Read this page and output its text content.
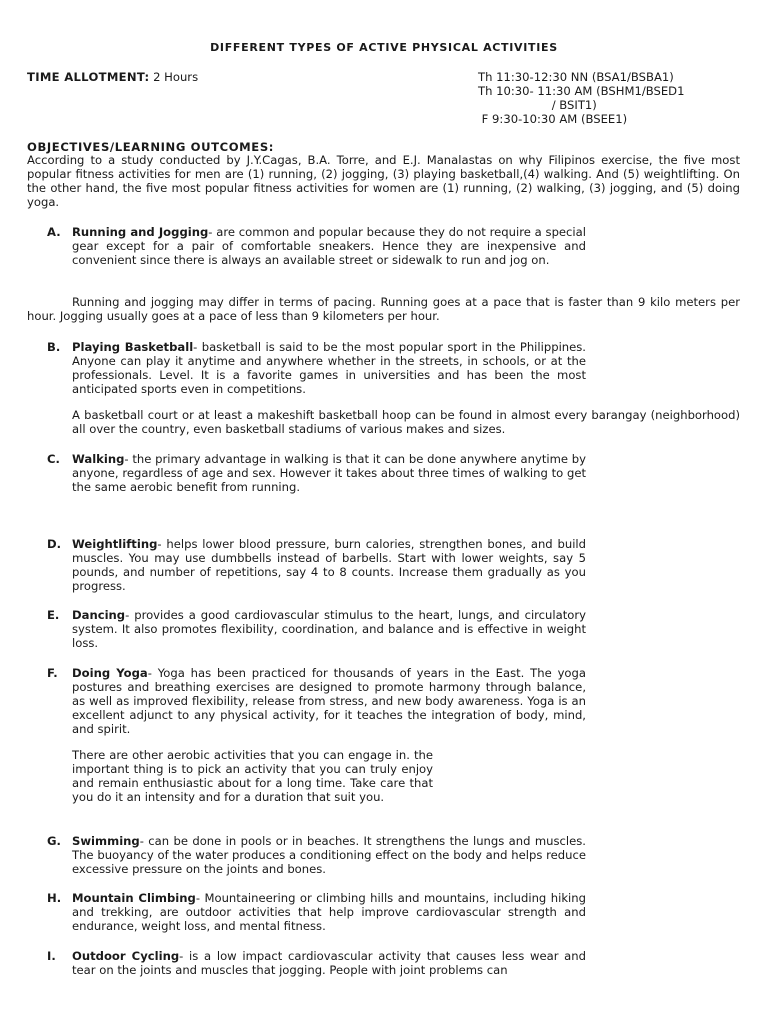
DIFFERENT TYPES OF ACTIVE PHYSICAL ACTIVITIES
TIME ALLOTMENT: 2 Hours	Th 11:30-12:30 NN (BSA1/BSBA1)
Th 10:30- 11:30 AM (BSHM1/BSED1
/ BSIT1)
F 9:30-10:30 AM (BSEE1)
OBJECTIVES/LEARNING OUTCOMES:
According to a study conducted by J.Y.Cagas, B.A. Torre, and E.J. Manalastas on why Filipinos exercise, the five most popular fitness activities for men are (1) running, (2) jogging, (3) playing basketball,(4) walking. And (5) weightlifting. On the other hand, the five most popular fitness activities for women are (1) running, (2) walking, (3) jogging, and (5) doing yoga.
A. Running and Jogging- are common and popular because they do not require a special gear except for a pair of comfortable sneakers. Hence they are inexpensive and convenient since there is always an available street or sidewalk to run and jog on.
Running and jogging may differ in terms of pacing. Running goes at a pace that is faster than 9 kilo meters per hour. Jogging usually goes at a pace of less than 9 kilometers per hour.
B. Playing Basketball- basketball is said to be the most popular sport in the Philippines. Anyone can play it anytime and anywhere whether in the streets, in schools, or at the professionals. Level. It is a favorite games in universities and has been the most anticipated sports even in competitions.
A basketball court or at least a makeshift basketball hoop can be found in almost every barangay (neighborhood) all over the country, even basketball stadiums of various makes and sizes.
C. Walking- the primary advantage in walking is that it can be done anywhere anytime by anyone, regardless of age and sex. However it takes about three times of walking to get the same aerobic benefit from running.
D. Weightlifting- helps lower blood pressure, burn calories, strengthen bones, and build muscles. You may use dumbbells instead of barbells. Start with lower weights, say 5 pounds, and number of repetitions, say 4 to 8 counts. Increase them gradually as you progress.
E. Dancing- provides a good cardiovascular stimulus to the heart, lungs, and circulatory system. It also promotes flexibility, coordination, and balance and is effective in weight loss.
F. Doing Yoga- Yoga has been practiced for thousands of years in the East. The yoga postures and breathing exercises are designed to promote harmony through balance, as well as improved flexibility, release from stress, and new body awareness. Yoga is an excellent adjunct to any physical activity, for it teaches the integration of body, mind, and spirit.
There are other aerobic activities that you can engage in. the important thing is to pick an activity that you can truly enjoy and remain enthusiastic about for a long time. Take care that you do it an intensity and for a duration that suit you.
G. Swimming- can be done in pools or in beaches. It strengthens the lungs and muscles. The buoyancy of the water produces a conditioning effect on the body and helps reduce excessive pressure on the joints and bones.
H. Mountain Climbing- Mountaineering or climbing hills and mountains, including hiking and trekking, are outdoor activities that help improve cardiovascular strength and endurance, weight loss, and mental fitness.
I. Outdoor Cycling- is a low impact cardiovascular activity that causes less wear and tear on the joints and muscles that jogging. People with joint problems can
